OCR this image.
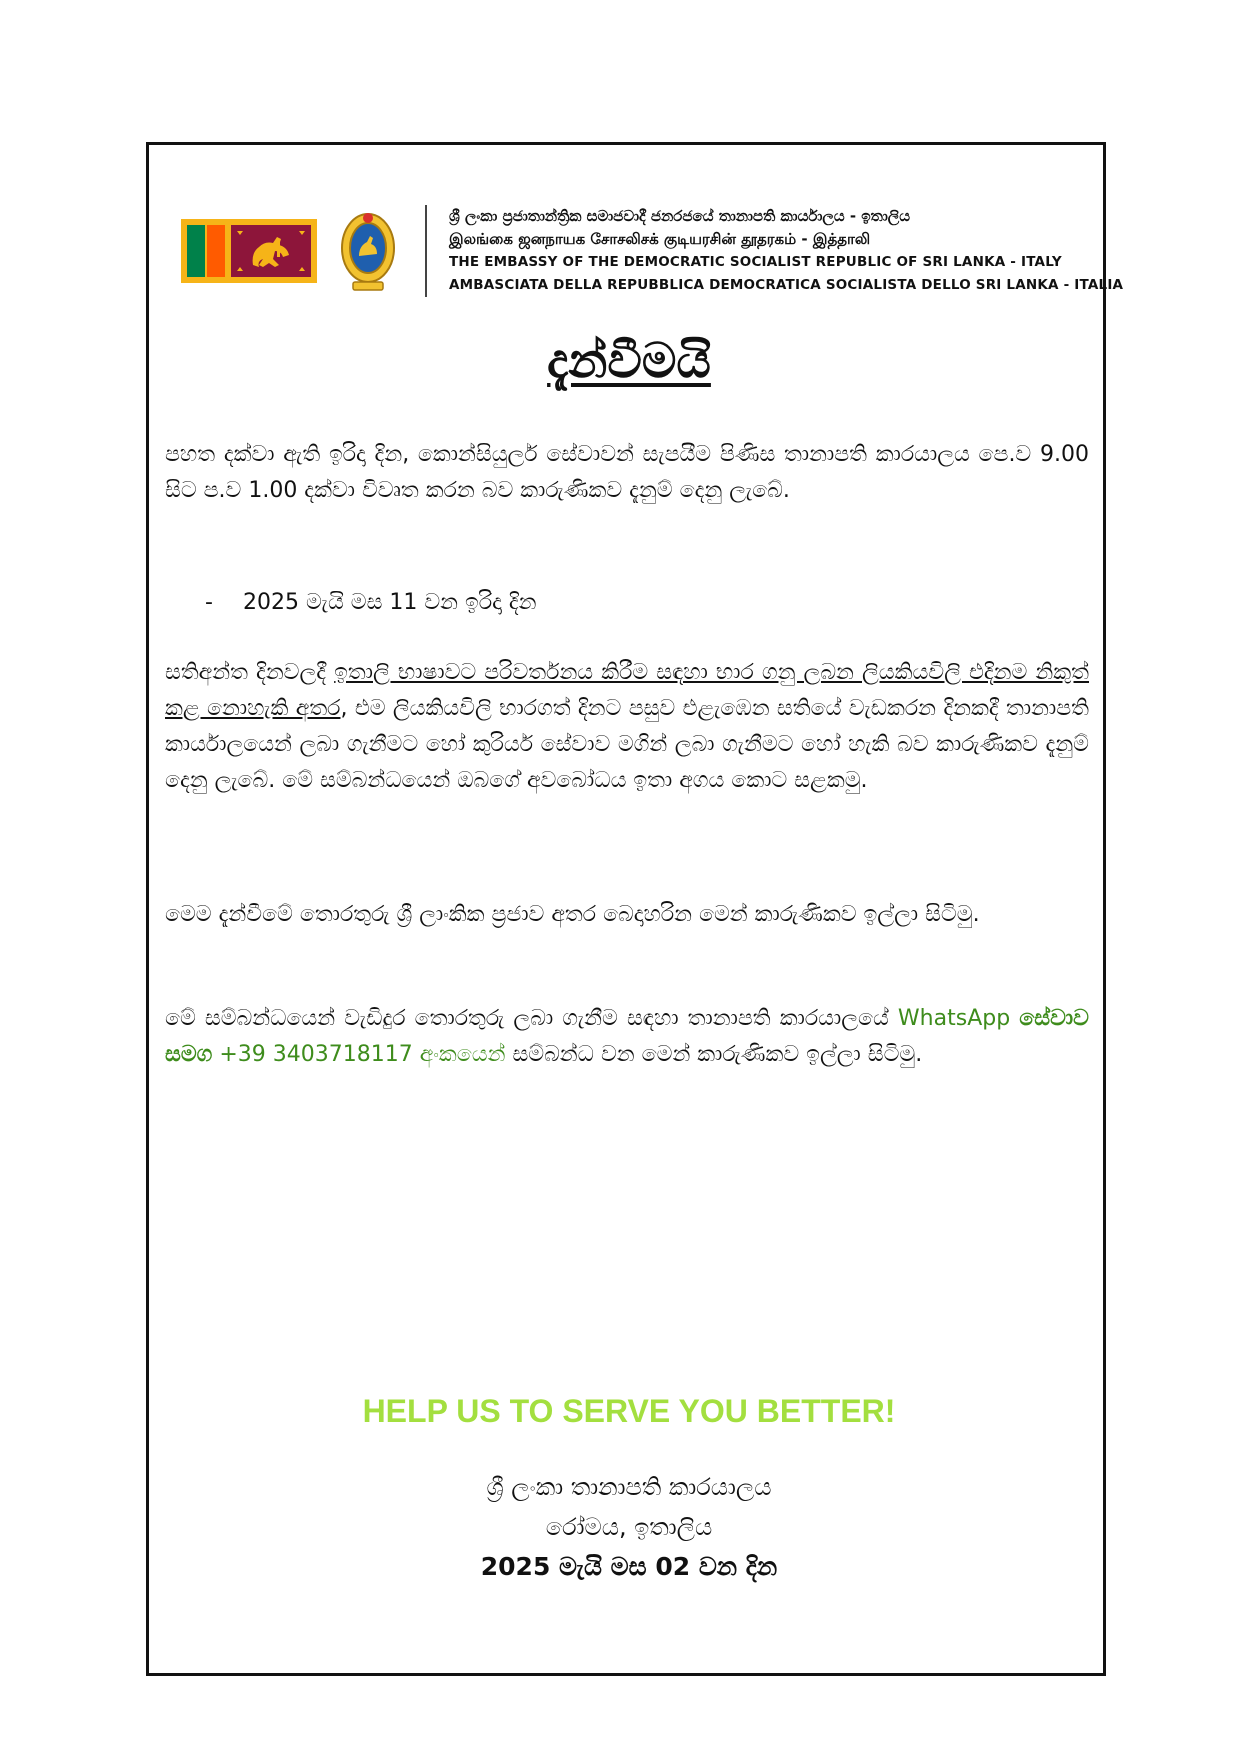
ශ්‍රී ලංකා ප්‍රජාතාන්ත්‍රික සමාජවාදී ජනරජයේ තානාපති කාර්යාලය - ඉතාලිය
இலங்கை ஜனநாயக சோசலிசக் குடியரசின் தூதரகம் - இத்தாலி
THE EMBASSY OF THE DEMOCRATIC SOCIALIST REPUBLIC OF SRI LANKA - ITALY
AMBASCIATA DELLA REPUBBLICA DEMOCRATICA SOCIALISTA DELLO SRI LANKA - ITALIA
දැන්වීමයි
පහත දක්වා ඇති ඉරිදා දින, කොන්සියුලර් සේවාවන් සැපයීම පිණිස තානාපති කාරයාලය පෙ.ව 9.00 සිට ප.ව 1.00 දක්වා විවෘත කරන බව කාරුණිකව දැනුම් දෙනු ලැබේ.
- 2025 මැයි මස 11 වන ඉරිදා දින
සතිඅන්ත දිනවලදී ඉතාලි භාෂාවට පරිවර්තනය කිරීම සඳහා භාර ගනු ලබන ලියකියවිලි එදිනම නිකුත් කළ නොහැකි අතර, එම ලියකියවිලි භාරගත් දිනට පසුව එළැඹෙන සතියේ වැඩකරන දිනකදී තානාපති කාර්යාලයෙන් ලබා ගැනීමට හෝ කුරියර් සේවාව මගින් ලබා ගැනීමට හෝ හැකි බව කාරුණිකව දැනුම් දෙනු ලැබේ. මේ සම්බන්ධයෙන් ඔබගේ අවබෝධය ඉතා අගය කොට සළකමු.
මෙම දැන්වීමේ තොරතුරු ශ්‍රී ලාංකික ප්‍රජාව අතර බෙදාහරින මෙන් කාරුණිකව ඉල්ලා සිටිමු.
මේ සම්බන්ධයෙන් වැඩිදුර තොරතුරු ලබා ගැනීම සඳහා තානාපති කාරයාලයේ WhatsApp සේවාව සමග +39 3403718117 අංකයෙන් සම්බන්ධ වන මෙන් කාරුණිකව ඉල්ලා සිටිමු.
HELP US TO SERVE YOU BETTER!
ශ්‍රී ලංකා තානාපති කාරයාලය
රෝමය, ඉතාලිය
2025 මැයි මස 02 වන දින
